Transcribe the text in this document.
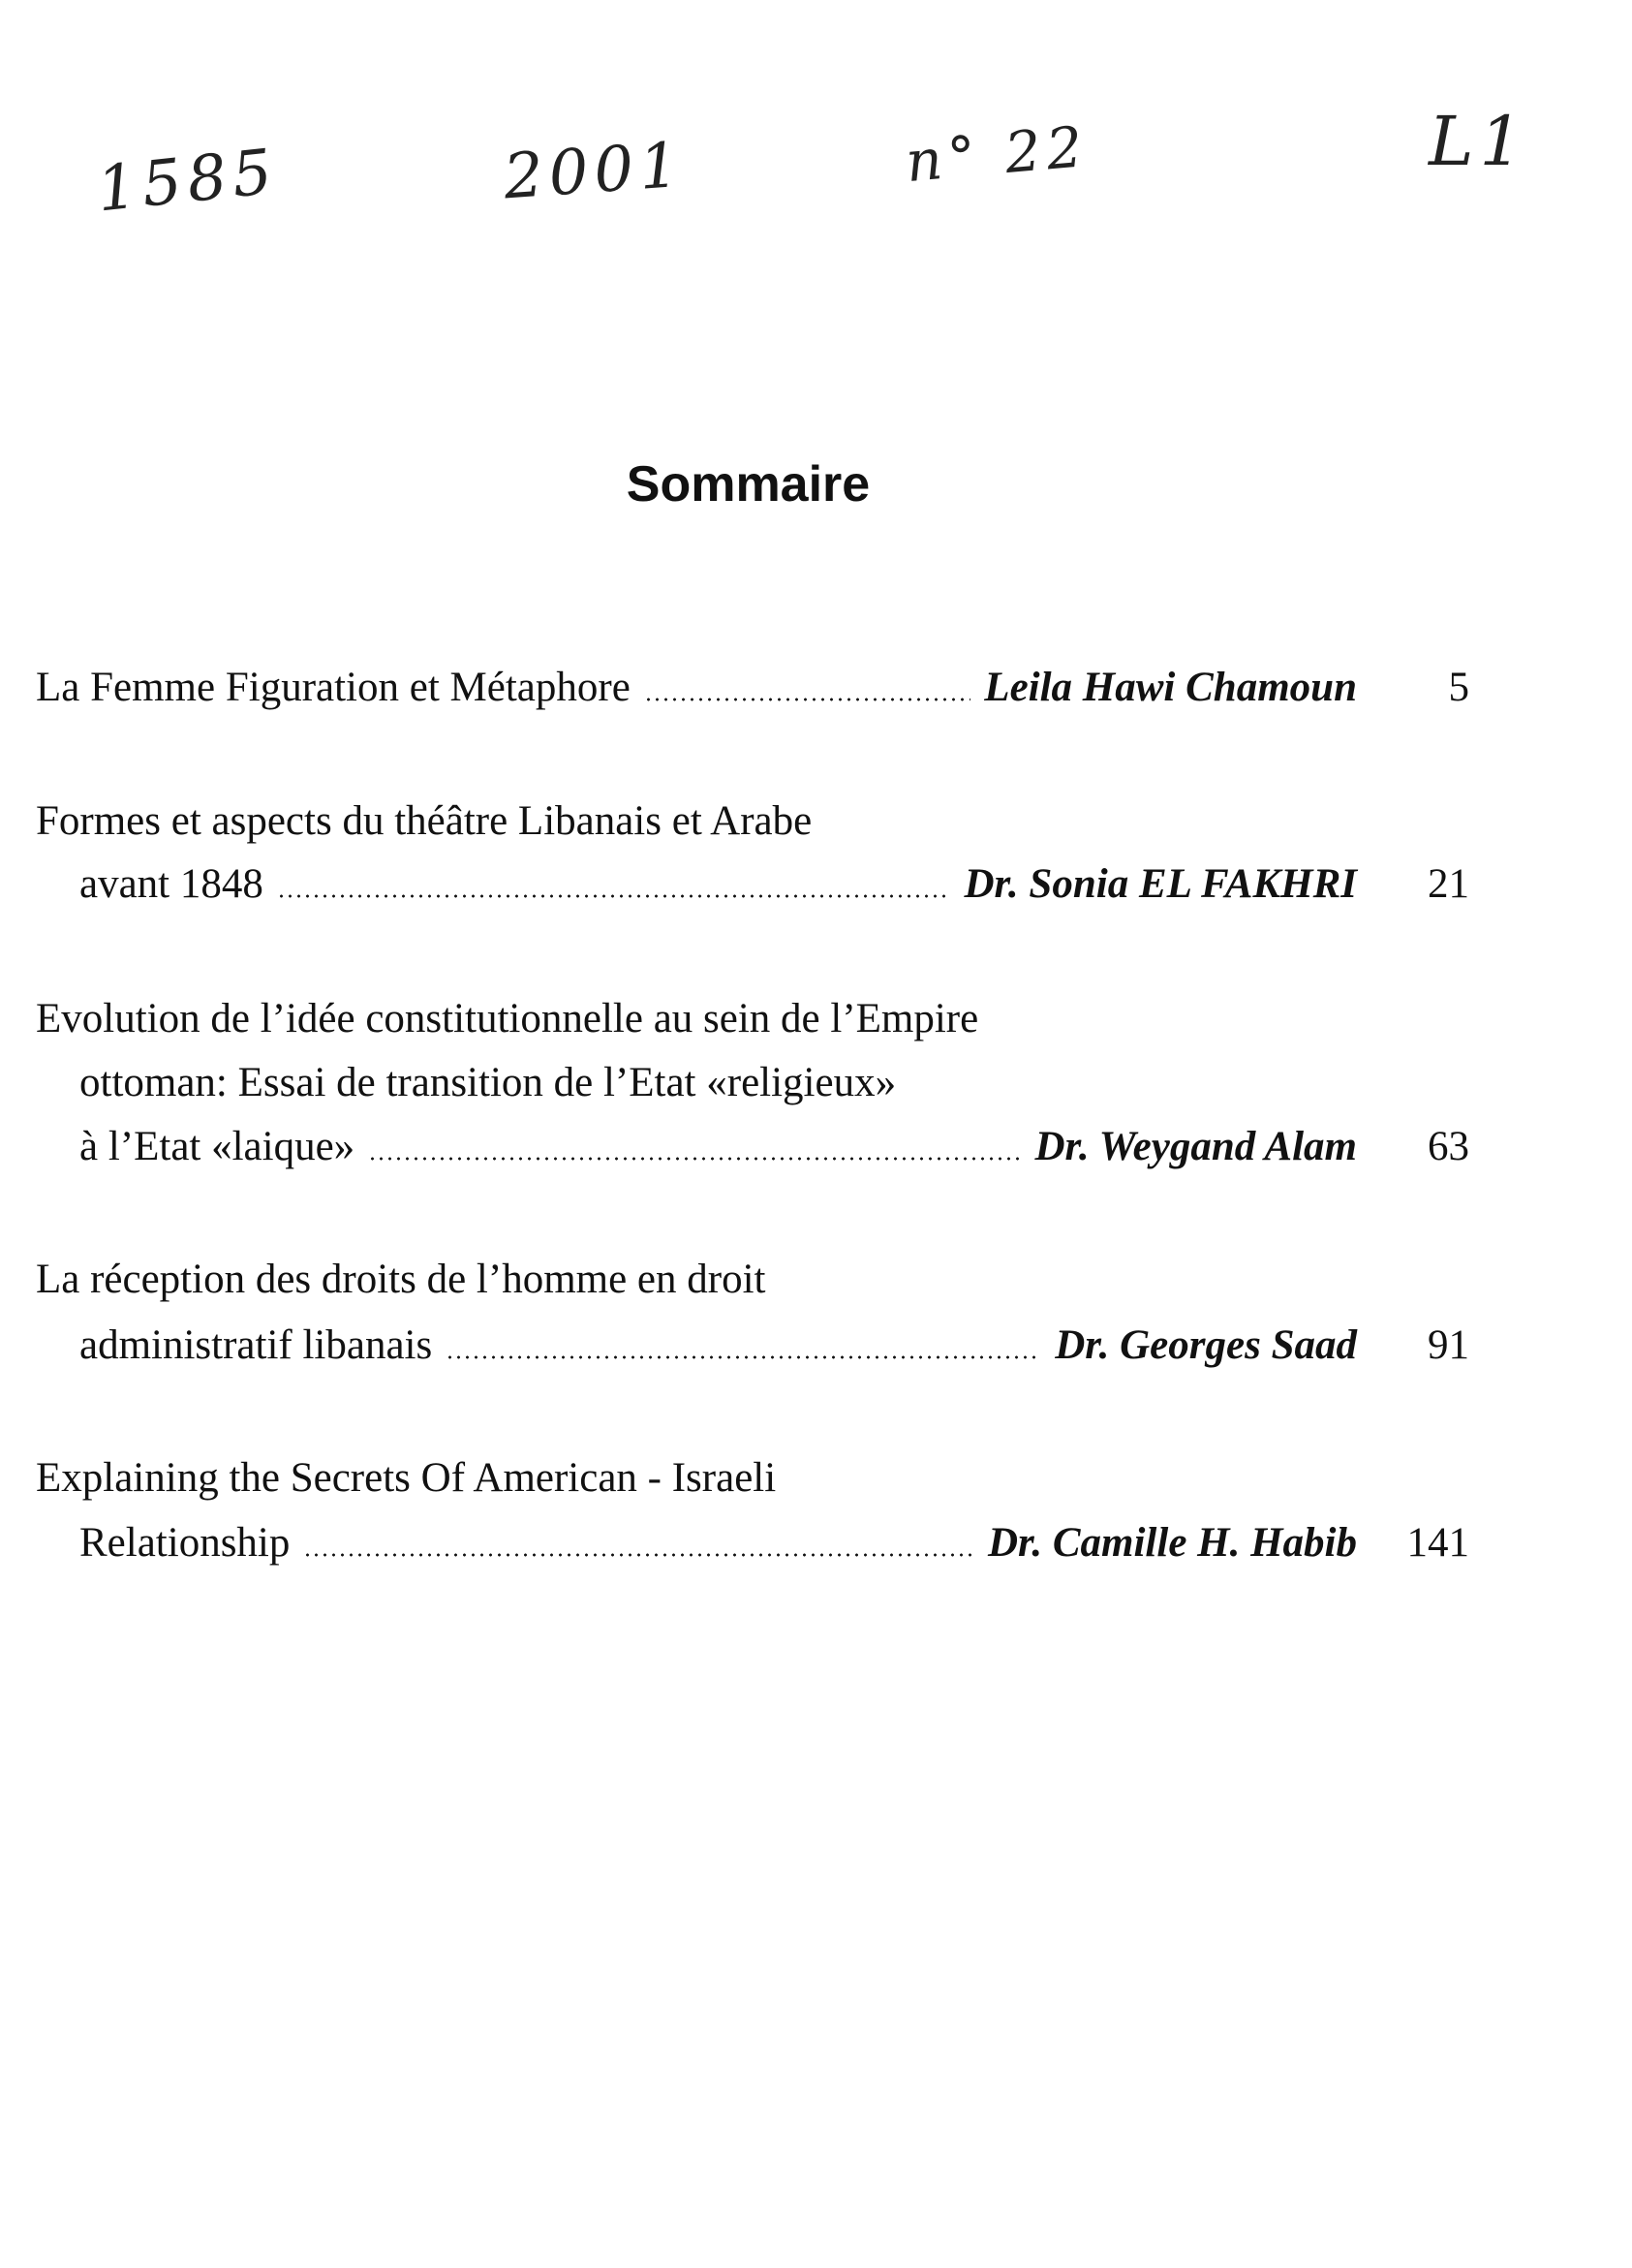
1585	2001	n° 22	L1
Sommaire
La Femme Figuration et Métaphore	Leila Hawi Chamoun	5
Formes et aspects du théâtre Libanais et Arabe
avant 1848	Dr. Sonia EL FAKHRI	21
Evolution de l’idée constitutionnelle au sein de l’Empire
ottoman: Essai de transition de l’Etat «religieux»
à l’Etat «laique»	Dr. Weygand Alam	63
La réception des droits de l’homme en droit
administratif libanais	Dr. Georges Saad	91
Explaining the Secrets Of American - Israeli
Relationship	Dr. Camille H. Habib	141
